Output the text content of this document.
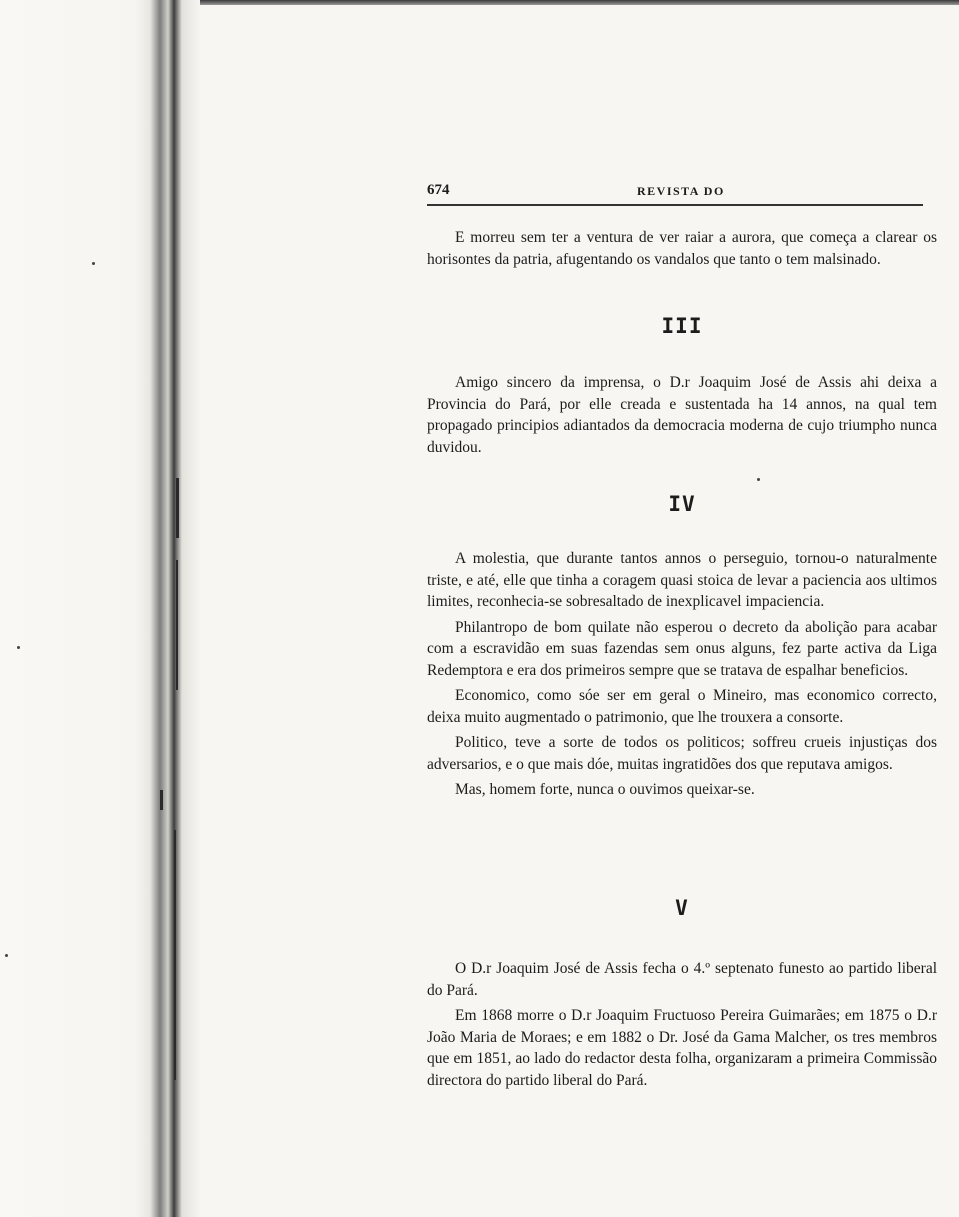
674	REVISTA DO

E morreu sem ter a ventura de ver raiar a aurora, que começa a clarear os horisontes da patria, afugentando os vandalos que tanto o tem malsinado.

III

Amigo sincero da imprensa, o D.r Joaquim José de Assis ahi deixa a Provincia do Pará, por elle creada e sustentada ha 14 annos, na qual tem propagado principios adiantados da democracia moderna de cujo triumpho nunca duvidou.

IV

A molestia, que durante tantos annos o perseguio, tornou-o naturalmente triste, e até, elle que tinha a coragem quasi stoica de levar a paciencia aos ultimos limites, reconhecia-se sobresaltado de inexplicavel impaciencia.

Philantropo de bom quilate não esperou o decreto da abolição para acabar com a escravidão em suas fazendas sem onus alguns, fez parte activa da Liga Redemptora e era dos primeiros sempre que se tratava de espalhar beneficios.

Economico, como sóe ser em geral o Mineiro, mas economico correcto, deixa muito augmentado o patrimonio, que lhe trouxera a consorte.

Politico, teve a sorte de todos os politicos; soffreu crueis injustiças dos adversarios, e o que mais dóe, muitas ingratidões dos que reputava amigos.

Mas, homem forte, nunca o ouvimos queixar-se.

V

O D.r Joaquim José de Assis fecha o 4.º septenato funesto ao partido liberal do Pará.

Em 1868 morre o D.r Joaquim Fructuoso Pereira Guimarães; em 1875 o D.r João Maria de Moraes; e em 1882 o Dr. José da Gama Malcher, os tres membros que em 1851, ao lado do redactor desta folha, organizaram a primeira Commissão directora do partido liberal do Pará.
